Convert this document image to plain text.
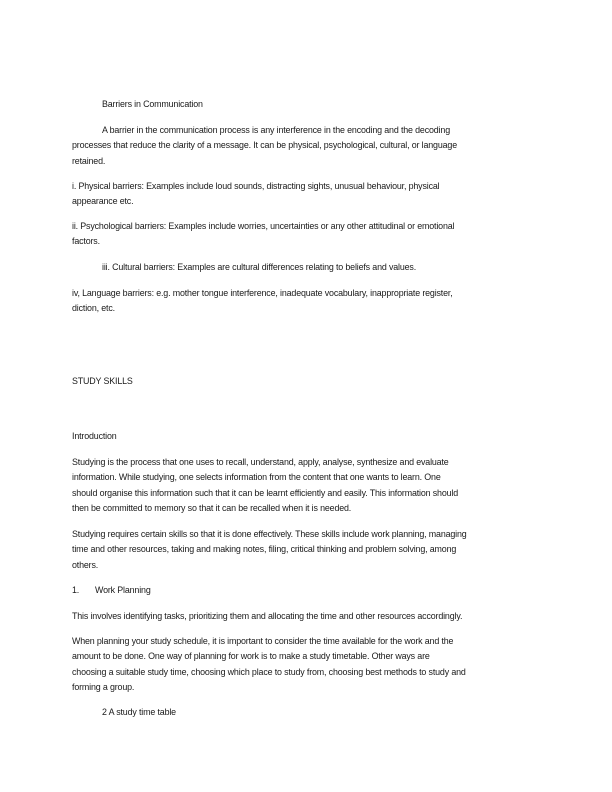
Barriers in Communication
A barrier in the communication process is any interference in the encoding and the decoding
processes that reduce the clarity of a message. It can be physical, psychological, cultural, or language
retained.
i. Physical barriers: Examples include loud sounds, distracting sights, unusual behaviour, physical
appearance etc.
ii. Psychological barriers: Examples include worries, uncertainties or any other attitudinal or emotional
factors.
iii. Cultural barriers: Examples are cultural differences relating to beliefs and values.
iv, Language barriers: e.g. mother tongue interference, inadequate vocabulary, inappropriate register,
diction, etc.
STUDY SKILLS
Introduction
Studying is the process that one uses to recall, understand, apply, analyse, synthesize and evaluate
information. While studying, one selects information from the content that one wants to learn. One
should organise this information such that it can be learnt efficiently and easily. This information should
then be committed to memory so that it can be recalled when it is needed.
Studying requires certain skills so that it is done effectively. These skills include work planning, managing
time and other resources, taking and making notes, filing, critical thinking and problem solving, among
others.
1. Work Planning
This involves identifying tasks, prioritizing them and allocating the time and other resources accordingly.
When planning your study schedule, it is important to consider the time available for the work and the
amount to be done. One way of planning for work is to make a study timetable. Other ways are
choosing a suitable study time, choosing which place to study from, choosing best methods to study and
forming a group.
2 A study time table
